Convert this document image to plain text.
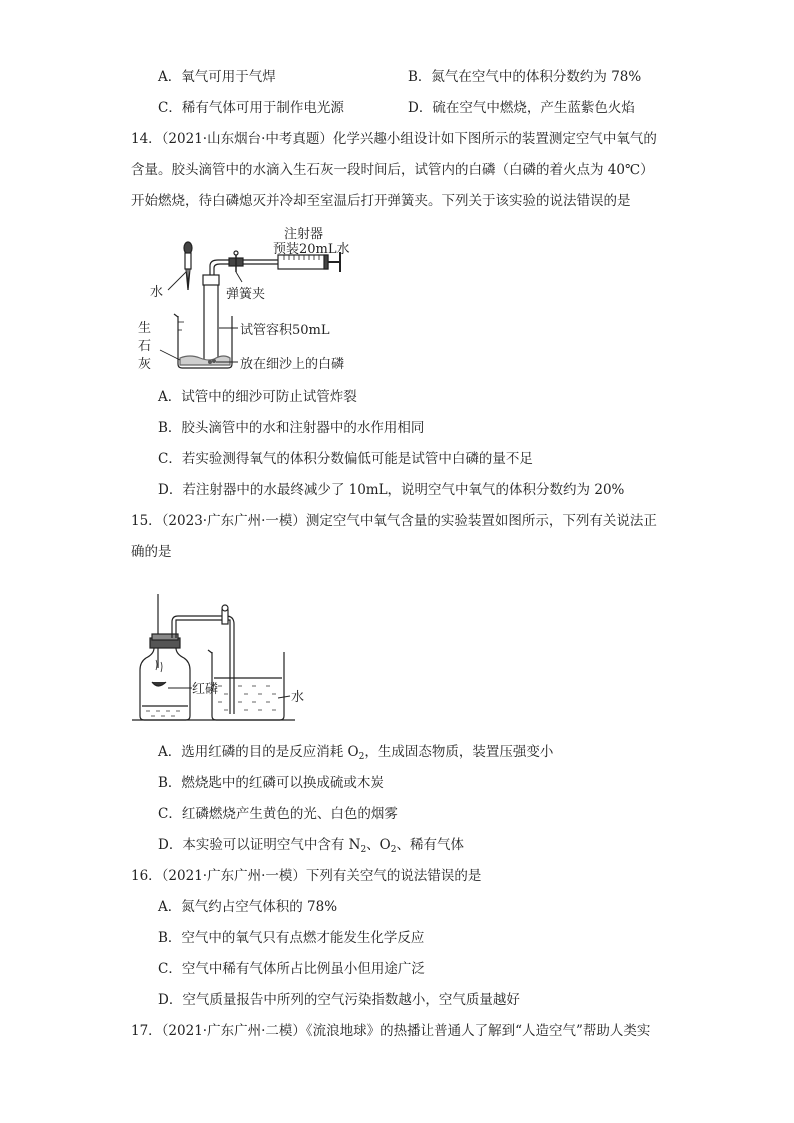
A．氧气可用于气焊	B．氮气在空气中的体积分数约为 78%
C．稀有气体可用于制作电光源	D．硫在空气中燃烧，产生蓝紫色火焰
14．（2021·山东烟台·中考真题）化学兴趣小组设计如下图所示的装置测定空气中氧气的
含量。胶头滴管中的水滴入生石灰一段时间后，试管内的白磷（白磷的着火点为 40℃）
开始燃烧，待白磷熄灭并冷却至室温后打开弹簧夹。下列关于该实验的说法错误的是
注射器
预装20mL水
水	弹簧夹
试管容积50mL
生
石
灰	放在细沙上的白磷
A．试管中的细沙可防止试管炸裂
B．胶头滴管中的水和注射器中的水作用相同
C．若实验测得氧气的体积分数偏低可能是试管中白磷的量不足
D．若注射器中的水最终减少了 10mL，说明空气中氧气的体积分数约为 20%
15．（2023·广东广州·一模）测定空气中氧气含量的实验装置如图所示，下列有关说法正
确的是
红磷
水
A．选用红磷的目的是反应消耗 $O_2$，生成固态物质，装置压强变小
B．燃烧匙中的红磷可以换成硫或木炭
C．红磷燃烧产生黄色的光、白色的烟雾
D．本实验可以证明空气中含有 $N_2$、$O_2$、稀有气体
16．（2021·广东广州·一模）下列有关空气的说法错误的是
A．氮气约占空气体积的 78%
B．空气中的氧气只有点燃才能发生化学反应
C．空气中稀有气体所占比例虽小但用途广泛
D．空气质量报告中所列的空气污染指数越小，空气质量越好
17．（2021·广东广州·二模）《流浪地球》的热播让普通人了解到“人造空气”帮助人类实
